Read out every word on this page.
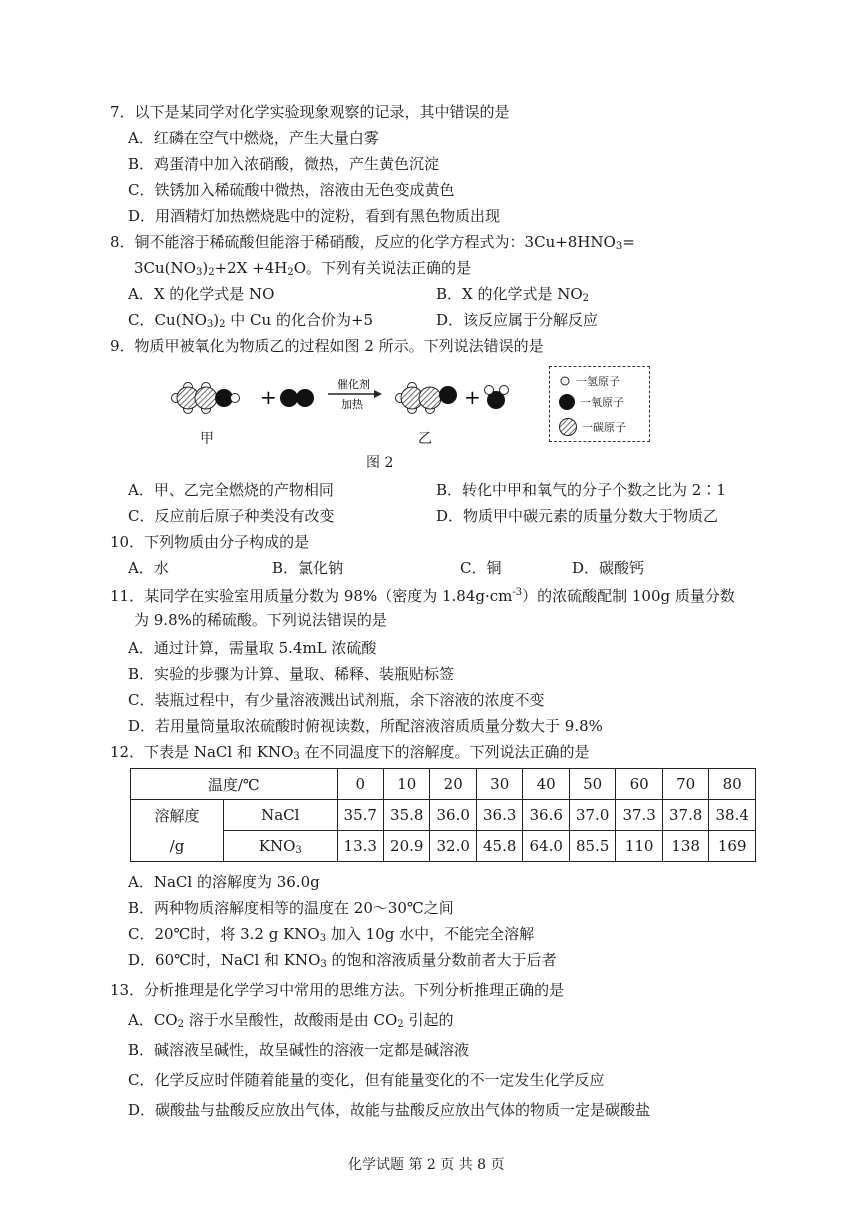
7．以下是某同学对化学实验现象观察的记录，其中错误的是
A．红磷在空气中燃烧，产生大量白雾
B．鸡蛋清中加入浓硝酸，微热，产生黄色沉淀
C．铁锈加入稀硫酸中微热，溶液由无色变成黄色
D．用酒精灯加热燃烧匙中的淀粉，看到有黑色物质出现
8．铜不能溶于稀硫酸但能溶于稀硝酸，反应的化学方程式为：$3Cu+8HNO_3=$
$3Cu(NO_3)_2+2X +4H_2O$。下列有关说法正确的是
A．X 的化学式是 NO	B．X 的化学式是 $NO_2$
C．$Cu(NO_3)_2$ 中 Cu 的化合价为+5	D．该反应属于分解反应
9．物质甲被氧化为物质乙的过程如图 2 所示。下列说法错误的是
+
催化剂
加热	+
甲	乙
一氢原子
一氧原子
一碳原子
图 2
A．甲、乙完全燃烧的产物相同	B．转化中甲和氧气的分子个数之比为 2∶1
C．反应前后原子种类没有改变	D．物质甲中碳元素的质量分数大于物质乙
10．下列物质由分子构成的是
A．水	B．氯化钠	C．铜	D．碳酸钙
11．某同学在实验室用质量分数为 98%（密度为 $1.84g\cdot cm^{-3}$）的浓硫酸配制 100g 质量分数
为 9.8%的稀硫酸。下列说法错误的是
A．通过计算，需量取 5.4mL 浓硫酸
B．实验的步骤为计算、量取、稀释、装瓶贴标签
C．装瓶过程中，有少量溶液溅出试剂瓶，余下溶液的浓度不变
D．若用量筒量取浓硫酸时俯视读数，所配溶液溶质质量分数大于 9.8%
12．下表是 NaCl 和 $KNO_3$ 在不同温度下的溶解度。下列说法正确的是
温度/℃		0	10	20	30	40	50	60	70	80

溶解度
/g	NaCl	35.7	35.8	36.0	36.3	36.6	37.0	37.3	37.8	38.4
	$KNO_3$	13.3	20.9	32.0	45.8	64.0	85.5	110	138	169
A．NaCl 的溶解度为 36.0g
B．两种物质溶解度相等的温度在 20～30℃之间
C．20℃时，将 3.2 g $KNO_3$ 加入 10g 水中，不能完全溶解
D．60℃时，NaCl 和 $KNO_3$ 的饱和溶液质量分数前者大于后者
13．分析推理是化学学习中常用的思维方法。下列分析推理正确的是
A．$CO_2$ 溶于水呈酸性，故酸雨是由 $CO_2$ 引起的
B．碱溶液呈碱性，故呈碱性的溶液一定都是碱溶液
C．化学反应时伴随着能量的变化，但有能量变化的不一定发生化学反应
D．碳酸盐与盐酸反应放出气体，故能与盐酸反应放出气体的物质一定是碳酸盐
化学试题 第 2 页 共 8 页
